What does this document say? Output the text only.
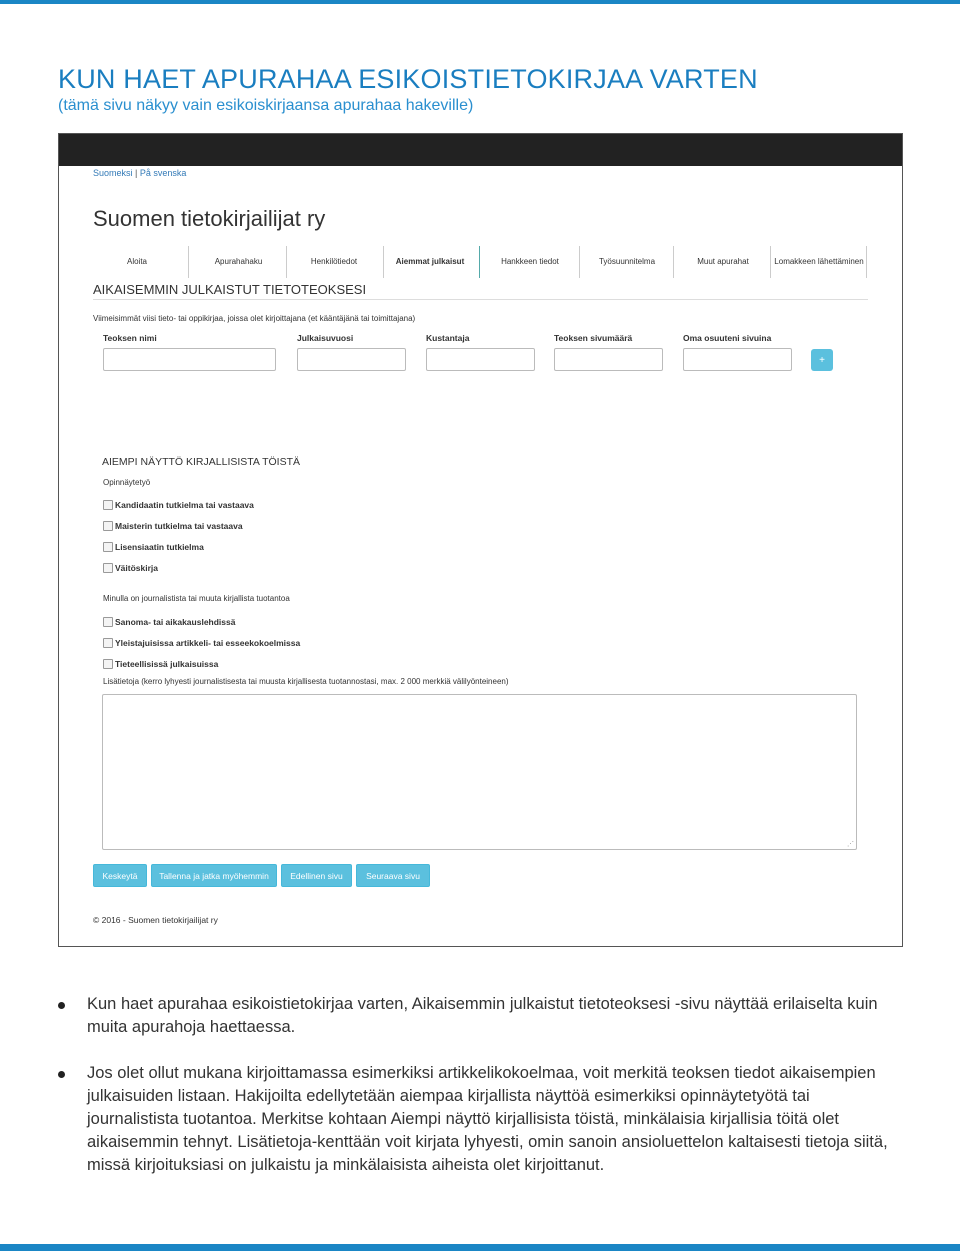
KUN HAET APURAHAA ESIKOISTIETOKIRJAA VARTEN
(tämä sivu näkyy vain esikoiskirjaansa apurahaa hakeville)
Suomeksi | På svenska
Suomen tietokirjailijat ry
Aloita	Apurahahaku	Henkilötiedot	Aiemmat julkaisut	Hankkeen tiedot	Työsuunnitelma	Muut apurahat	Lomakkeen lähettäminen
AIKAISEMMIN JULKAISTUT TIETOTEOKSESI
Viimeisimmät viisi tieto- tai oppikirjaa, joissa olet kirjoittajana (et kääntäjänä tai toimittajana)
Teoksen nimi	Julkaisuvuosi	Kustantaja	Teoksen sivumäärä	Oma osuuteni sivuina
+
AIEMPI NÄYTTÖ KIRJALLISISTA TÖISTÄ
Opinnäytetyö
Kandidaatin tutkielma tai vastaava
Maisterin tutkielma tai vastaava
Lisensiaatin tutkielma
Väitöskirja
Minulla on journalistista tai muuta kirjallista tuotantoa
Sanoma- tai aikakauslehdissä
Yleistajuisissa artikkeli- tai esseekokoelmissa
Tieteellisissä julkaisuissa
Lisätietoja (kerro lyhyesti journalistisesta tai muusta kirjallisesta tuotannostasi, max. 2 000 merkkiä välilyönteineen)
⋰
Keskeytä	Tallenna ja jatka myöhemmin	Edellinen sivu	Seuraava sivu
© 2016 - Suomen tietokirjailijat ry
Kun haet apurahaa esikoistietokirjaa varten, Aikaisemmin julkaistut tietoteoksesi -sivu näyttää erilaiselta kuin muita apurahoja haettaessa.
Jos olet ollut mukana kirjoittamassa esimerkiksi artikkelikokoelmaa, voit merkitä teoksen tiedot aikaisempien julkaisuiden listaan. Hakijoilta edellytetään aiempaa kirjallista näyttöä esimerkiksi opinnäytetyötä tai journalistista tuotantoa. Merkitse kohtaan Aiempi näyttö kirjallisista töistä, minkälaisia kirjallisia töitä olet aikaisemmin tehnyt. Lisätietoja-kenttään voit kirjata lyhyesti, omin sanoin ansioluettelon kaltaisesti tietoja siitä, missä kirjoituksiasi on julkaistu ja minkälaisista aiheista olet kirjoittanut.
